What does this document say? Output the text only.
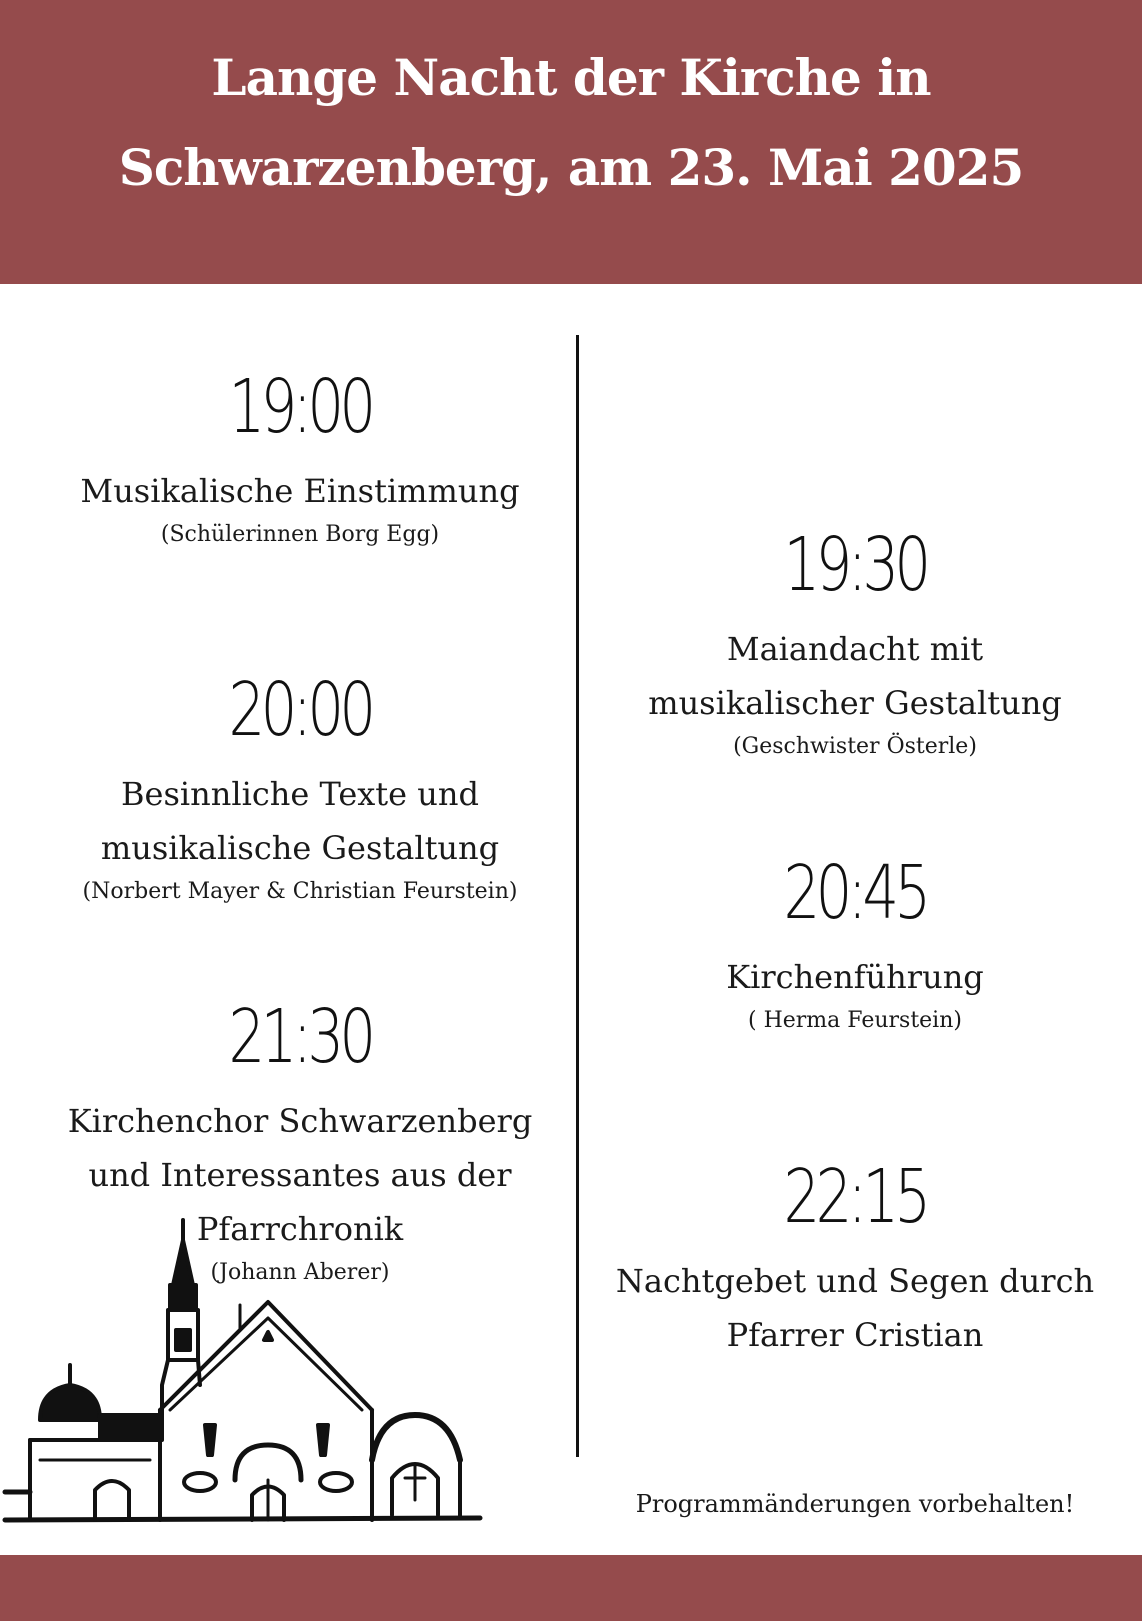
Lange Nacht der Kirche in
Schwarzenberg, am 23. Mai 2025
19:00
Musikalische Einstimmung
(Schülerinnen Borg Egg)
20:00
Besinnliche Texte und
musikalische Gestaltung
(Norbert Mayer & Christian Feurstein)
21:30
Kirchenchor Schwarzenberg
und Interessantes aus der
Pfarrchronik
(Johann Aberer)
19:30
Maiandacht mit
musikalischer Gestaltung
(Geschwister Österle)
20:45
Kirchenführung
( Herma Feurstein)
22:15
Nachtgebet und Segen durch
Pfarrer Cristian
Programmänderungen vorbehalten!
